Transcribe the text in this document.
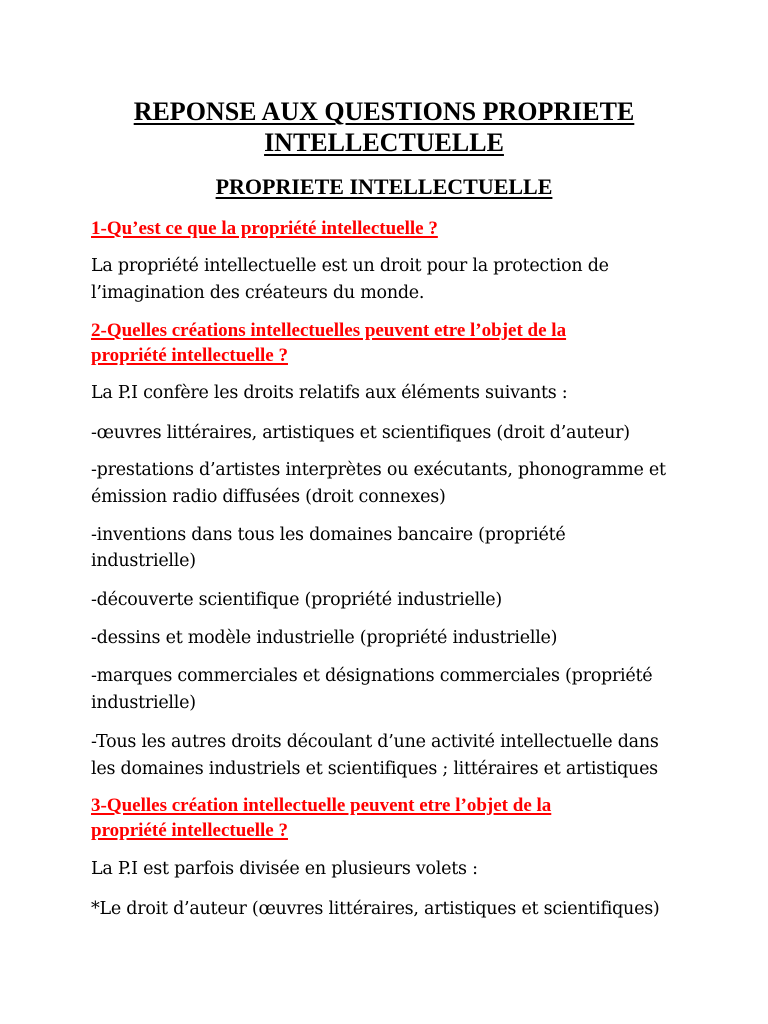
REPONSE AUX QUESTIONS PROPRIETE
INTELLECTUELLE
PROPRIETE INTELLECTUELLE
1-Qu’est ce que la propriété intellectuelle ?

La propriété intellectuelle est un droit pour la protection de

l’imagination des créateurs du monde.

2-Quelles créations intellectuelles peuvent etre l’objet de la
propriété intellectuelle ?

La P.I confère les droits relatifs aux éléments suivants :

-œuvres littéraires, artistiques et scientifiques (droit d’auteur)

-prestations d’artistes interprètes ou exécutants, phonogramme et

émission radio diffusées (droit connexes)

-inventions dans tous les domaines bancaire (propriété

industrielle)

-découverte scientifique (propriété industrielle)

-dessins et modèle industrielle (propriété industrielle)

-marques commerciales et désignations commerciales (propriété

industrielle)

-Tous les autres droits découlant d’une activité intellectuelle dans

les domaines industriels et scientifiques ; littéraires et artistiques

3-Quelles création intellectuelle peuvent etre l’objet de la
propriété intellectuelle ?

La P.I est parfois divisée en plusieurs volets :

*Le droit d’auteur (œuvres littéraires, artistiques et scientifiques)
